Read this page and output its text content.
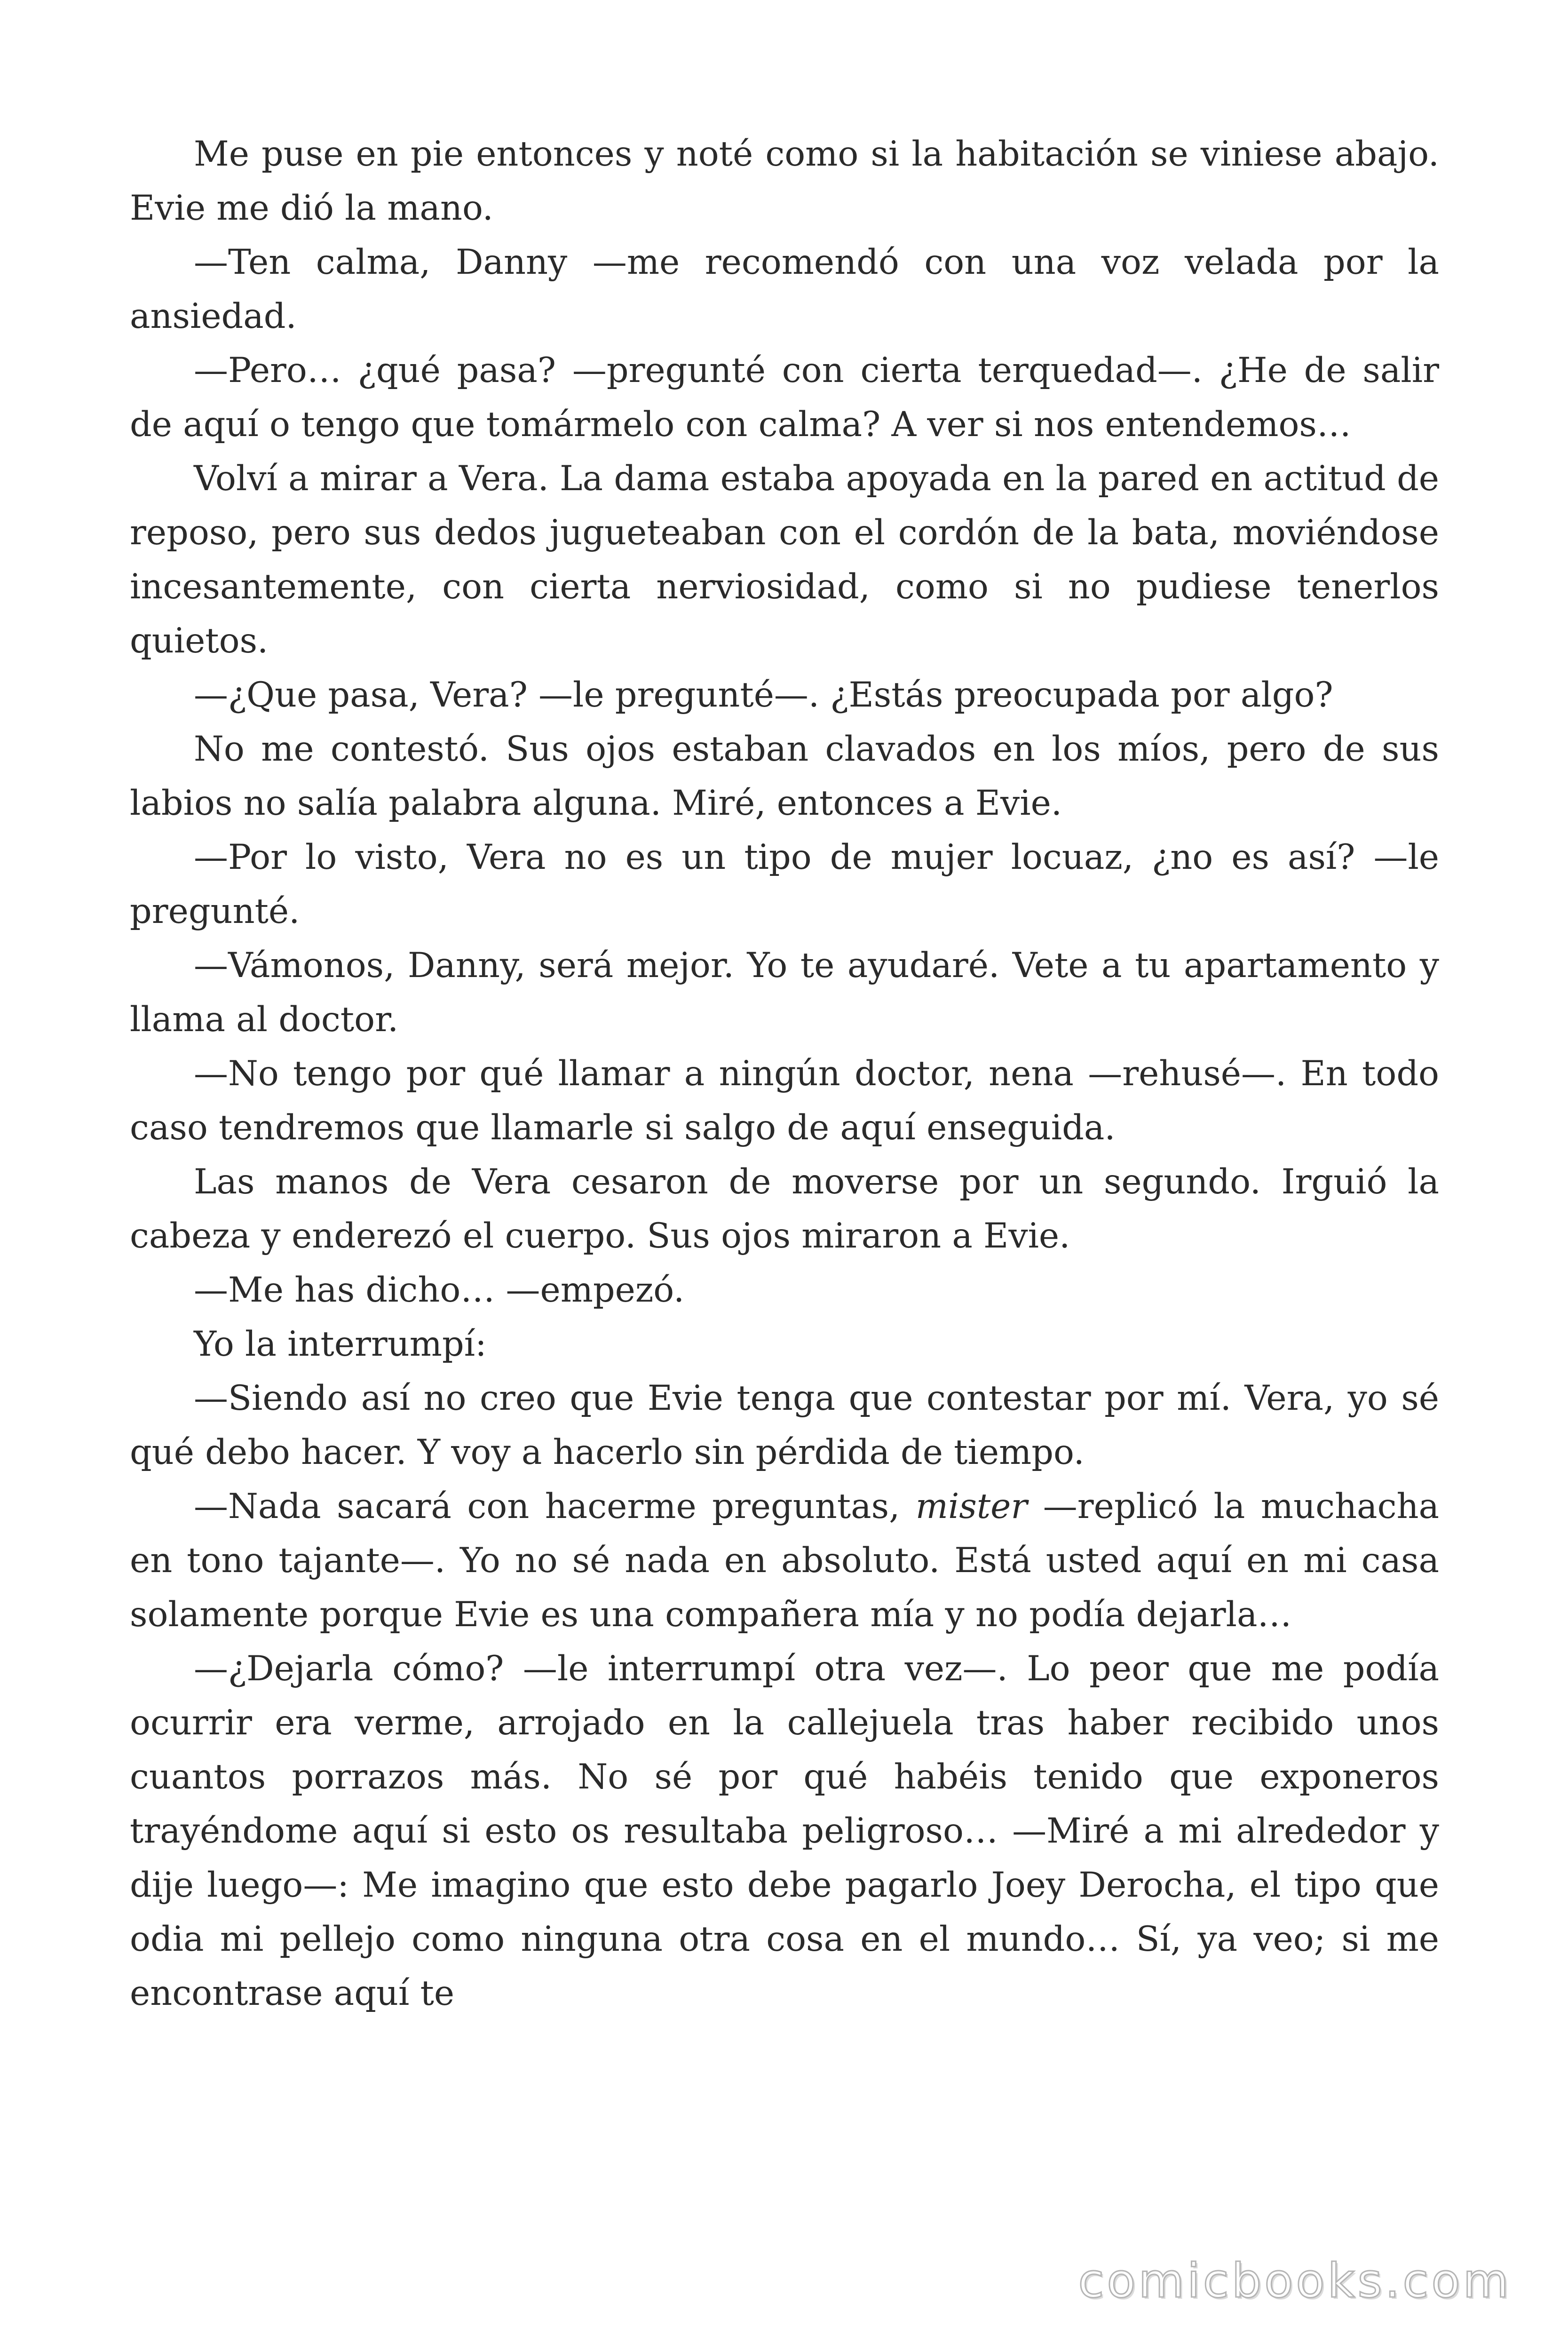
Me puse en pie entonces y noté como si la habitación se viniese abajo. Evie me dió la mano.

—Ten calma, Danny —me recomendó con una voz velada por la ansiedad.

—Pero… ¿qué pasa? —pregunté con cierta terquedad—. ¿He de salir de aquí o tengo que tomármelo con calma? A ver si nos entendemos…

Volví a mirar a Vera. La dama estaba apoyada en la pared en actitud de reposo, pero sus dedos jugueteaban con el cordón de la bata, moviéndose incesantemente, con cierta nerviosidad, como si no pudiese tenerlos quietos.

—¿Que pasa, Vera? —le pregunté—. ¿Estás preocupada por algo?

No me contestó. Sus ojos estaban clavados en los míos, pero de sus labios no salía palabra alguna. Miré, entonces a Evie.

—Por lo visto, Vera no es un tipo de mujer locuaz, ¿no es así? —le pregunté.

—Vámonos, Danny, será mejor. Yo te ayudaré. Vete a tu apartamento y llama al doctor.

—No tengo por qué llamar a ningún doctor, nena —rehusé—. En todo caso tendremos que llamarle si salgo de aquí enseguida.

Las manos de Vera cesaron de moverse por un segundo. Irguió la cabeza y enderezó el cuerpo. Sus ojos miraron a Evie.

—Me has dicho… —empezó.

Yo la interrumpí:

—Siendo así no creo que Evie tenga que contestar por mí. Vera, yo sé qué debo hacer. Y voy a hacerlo sin pérdida de tiempo.

—Nada sacará con hacerme preguntas, mister —replicó la muchacha en tono tajante—. Yo no sé nada en absoluto. Está usted aquí en mi casa solamente porque Evie es una compañera mía y no podía dejarla…

—¿Dejarla cómo? —le interrumpí otra vez—. Lo peor que me podía ocurrir era verme, arrojado en la callejuela tras haber recibido unos cuantos porrazos más. No sé por qué habéis tenido que exponeros trayéndome aquí si esto os resultaba peligroso… —Miré a mi alrededor y dije luego—: Me imagino que esto debe pagarlo Joey Derocha, el tipo que odia mi pellejo como ninguna otra cosa en el mundo… Sí, ya veo; si me encontrase aquí te

comicbooks.com
